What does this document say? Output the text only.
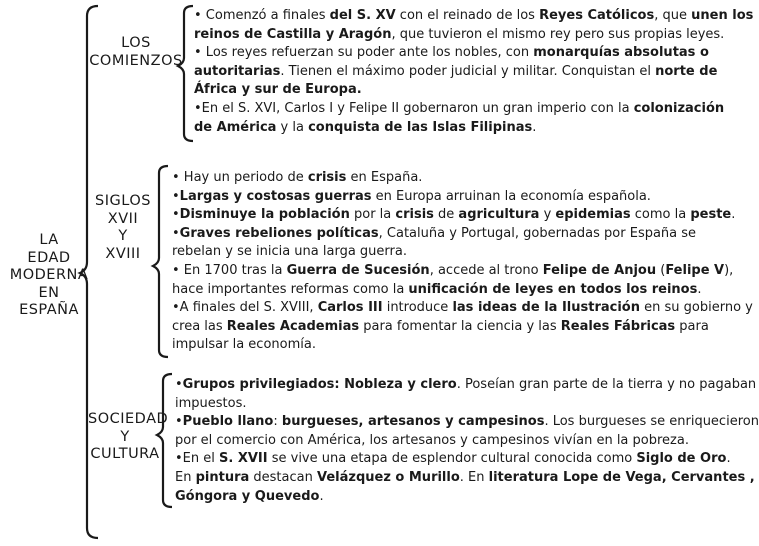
LA
EDAD
MODERNA
EN
ESPAÑA
LOS
COMIENZOS

• Comenzó a finales del S. XV con el reinado de los Reyes Católicos, que unen los

reinos de Castilla y Aragón, que tuvieron el mismo rey pero sus propias leyes.

• Los reyes refuerzan su poder ante los nobles, con monarquías absolutas o

autoritarias. Tienen el máximo poder judicial y militar. Conquistan el norte de

África y sur de Europa.

•En el S. XVI, Carlos I y Felipe II gobernaron un gran imperio con la colonización

de América y la conquista de las Islas Filipinas.

SIGLOS
XVII
Y
XVIII

• Hay un periodo de crisis en España.

•Largas y costosas guerras en Europa arruinan la economía española.

•Disminuye la población por la crisis de agricultura y epidemias como la peste.

•Graves rebeliones políticas, Cataluña y Portugal, gobernadas por España se

rebelan y se inicia una larga guerra.

• En 1700 tras la Guerra de Sucesión, accede al trono Felipe de Anjou (Felipe V),

hace importantes reformas como la unificación de leyes en todos los reinos.

•A finales del S. XVIII, Carlos III introduce las ideas de la Ilustración en su gobierno y

crea las Reales Academias para fomentar la ciencia y las Reales Fábricas para

impulsar la economía.

SOCIEDAD
Y
CULTURA

•Grupos privilegiados: Nobleza y clero. Poseían gran parte de la tierra y no pagaban

impuestos.

•Pueblo llano: burgueses, artesanos y campesinos. Los burgueses se enriquecieron

por el comercio con América, los artesanos y campesinos vivían en la pobreza.

•En el S. XVII se vive una etapa de esplendor cultural conocida como Siglo de Oro.

En pintura destacan Velázquez o Murillo. En literatura Lope de Vega, Cervantes ,

Góngora y Quevedo.
